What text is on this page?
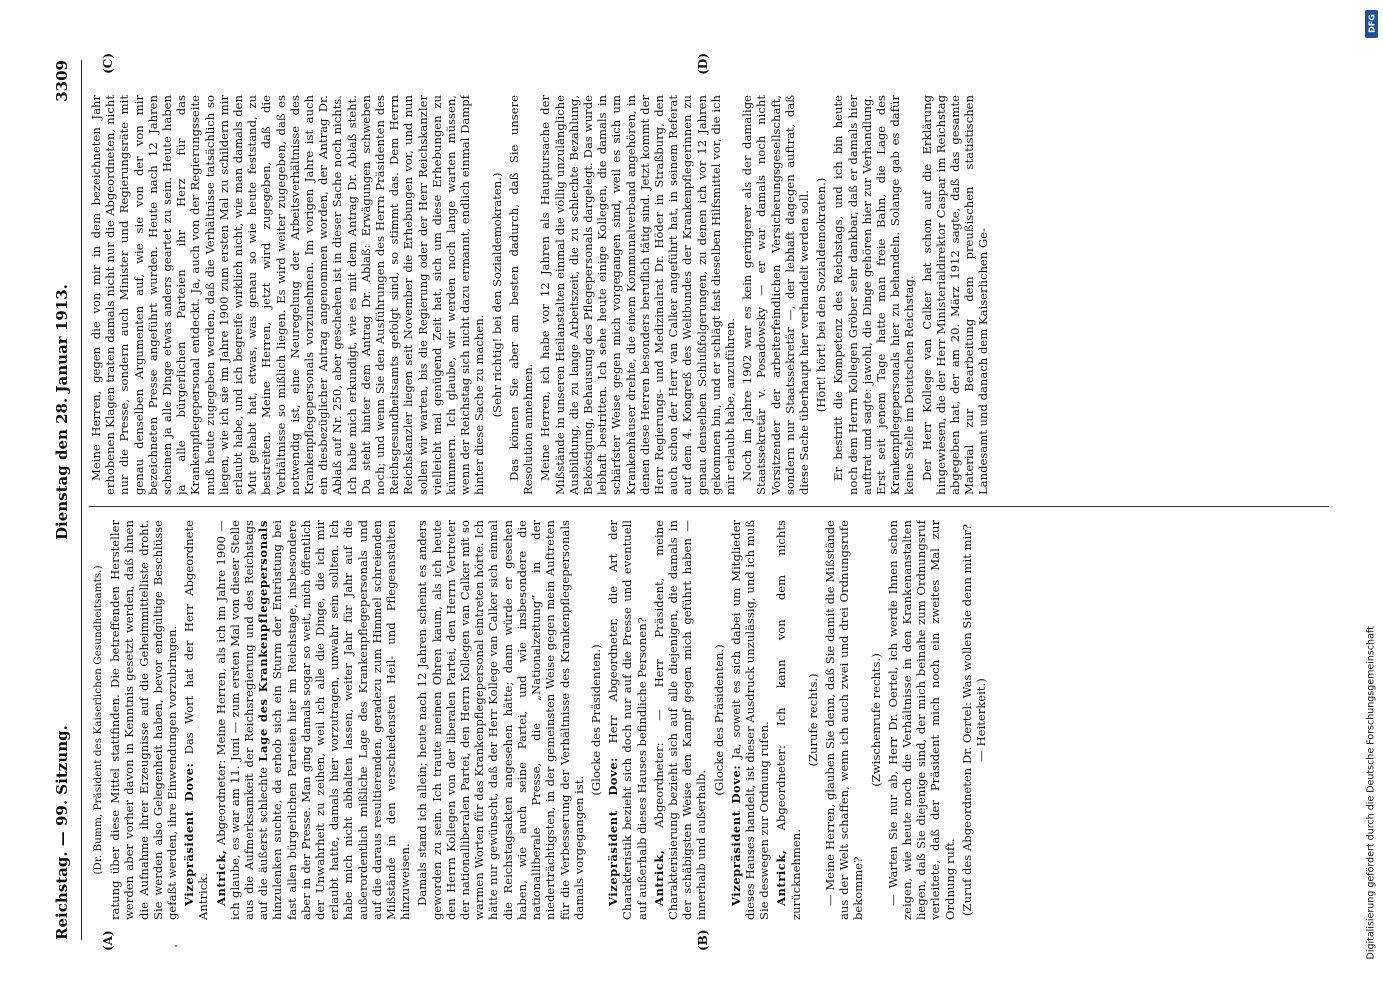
Reichstag. — 99. Sitzung.
Dienstag den 28. Januar 1913.
3309
(A)	(B)
(C)	(D)

(Dr. Bumm, Präsident des Kaiserlichen Gesundheitsamts.) ratung über diese Mittel stattfinden. Die betreffenden Hersteller werden aber vorher davon in Kenntnis gesetzt werden, daß ihnen die Aufnahme ihrer Erzeugnisse auf die Geheimmittelliste droht. Sie werden also Gelegenheit haben, bevor endgültige Beschlüsse gefaßt werden, ihre Einwendungen vorzubringen. Vizepräsident Dove: Das Wort hat der Herr Abgeordnete Antrick. Antrick, Abgeordneter: Meine Herren, als ich im Jahre 1900 — ich glaube, es war am 11. Juni — zum ersten Mal von dieser Stelle aus die Aufmerksamkeit der Reichsregierung und des Reichstags auf die äußerst schlechte Lage des Krankenpflegepersonals hinzulenken suchte, da erhob sich ein Sturm der Entrüstung bei fast allen bürgerlichen Parteien hier im Reichstage, insbesondere aber in der Presse. Man ging damals sogar so weit, mich öffentlich der Unwahrheit zu zeihen, weil ich alle die Dinge, die ich mir erlaubt hatte, damals hier vorzutragen, unwahr sein sollten. Ich habe mich nicht abhalten lassen, weiter Jahr für Jahr auf die außerordentlich mißliche Lage des Krankenpflegepersonals und auf die daraus resultierenden, geradezu zum Himmel schreienden Mißstände in den verschiedensten Heil- und Pflegeanstalten hinzuweisen. Damals stand ich allein; heute nach 12 Jahren scheint es anders geworden zu sein. Ich traute meinen Ohren kaum, als ich heute den Herrn Kollegen von der liberalen Partei, den Herrn Vertreter der nationalliberalen Partei, den Herrn Kollegen van Calker mit so warmen Worten für das Krankenpflegepersonal eintreten hörte. Ich hätte nur gewünscht, daß der Herr Kollege van Calker sich einmal die Reichstagsakten angesehen hätte; dann würde er gesehen haben, wie auch seine Partei, und wie insbesondere die nationalliberale Presse, die „Nationalzeitung“ in der niederträchtigsten, in der gemeinsten Weise gegen mein Auftreten für die Verbesserung der Verhältnisse des Krankenpflegepersonals damals vorgegangen ist.

(Glocke des Präsidenten.)

Vizepräsident Dove: Herr Abgeordneter, die Art der Charakteristik bezieht sich doch nur auf die Presse und eventuell auf außerhalb dieses Hauses befindliche Personen? Antrick, Abgeordneter: — Herr Präsident, meine Charakterisierung bezieht sich auf alle diejenigen, die damals in der schäbigsten Weise den Kampf gegen mich geführt haben — innerhalb und außerhalb.

(Glocke des Präsidenten.)

Vizepräsident Dove: Ja, soweit es sich dabei um Mitglieder dieses Hauses handelt, ist dieser Ausdruck unzulässig, und ich muß Sie deswegen zur Ordnung rufen. Antrick, Abgeordneter: Ich kann von dem nichts zurücknehmen.

(Zurufe rechts.) — Meine Herren, glauben Sie denn, daß Sie damit die Mißstände aus der Welt schaffen, wenn ich auch zwei und drei Ordnungsrufe bekomme?

(Zwischenrufe rechts.) — Warten Sie nur ab, Herr Dr. Oertel, ich werde Ihnen schon zeigen, wie heute noch die Verhältnisse in den Krankenanstalten liegen, daß Sie diejenige sind, der mich beinahe zum Ordnungsruf verleitete, daß der Präsident mich noch ein zweites Mal zur Ordnung ruft. (Zuruf des Abgeordneten Dr. Oertel: Was wollen Sie denn mit mir? — Heiterkeit.)

Meine Herren, gegen die von mir in dem bezeichneten Jahr erhobenen Klagen traten damals nicht nur die Abgeordneten, nicht nur die Presse, sondern auch Minister und Regierungsräte mit genau denselben Argumenten auf, wie sie von der von mir bezeichneten Presse angeführt wurden. Heute nach 12 Jahren scheinen ja alle Dinge etwas anders geartet zu sein. Heute haben ja alle bürgerlichen Parteien ihr Herz für das Krankenpflegepersonal entdeckt. Ja, auch von der Regierungsseite muß heute zugegeben werden, daß die Verhältnisse tatsächlich so liegen, wie ich sie im Jahre 1900 zum ersten Mal zu schildern mir erlaubt habe, und ich begreife wirklich nicht, wie man damals den Mut gehabt hat, etwas, was genau so wie heute feststand, zu bestreiten. Meine Herren, jetzt wird zugegeben, daß die Verhältnisse so mißlich liegen. Es wird weiter zugegeben, daß es notwendig ist, eine Neuregelung der Arbeitsverhältnisse des Krankenpflegepersonals vorzunehmen. Im vorigen Jahre ist auch ein diesbezüglicher Antrag angenommen worden, der Antrag Dr. Ablaß auf Nr. 250, aber geschehen ist in dieser Sache noch nichts. Ich habe mich erkundigt, wie es mit dem Antrag Dr. Ablaß steht. Da steht hinter dem Antrag Dr. Ablaß: Erwägungen schweben noch; und wenn Sie den Ausführungen des Herrn Präsidenten des Reichsgesundheitsamts gefolgt sind, so stimmt das. Dem Herrn Reichskanzler liegen seit November die Erhebungen vor, und nun sollen wir warten, bis die Regierung oder der Herr Reichskanzler vielleicht mal genügend Zeit hat, sich um diese Erhebungen zu kümmern. Ich glaube, wir werden noch lange warten müssen, wenn der Reichstag sich nicht dazu ermannt, endlich einmal Dampf hinter diese Sache zu machen. (Sehr richtig! bei den Sozialdemokraten.) Das können Sie aber am besten dadurch, daß Sie unsere Resolution annehmen. Meine Herren, ich habe vor 12 Jahren als Hauptursache der Mißstände in unseren Heilanstalten einmal die völlig unzulängliche Ausbildung, die zu lange Arbeitszeit, die zu schlechte Bezahlung, Beköstigung, Behausung des Pflegepersonals dargelegt. Das wurde lebhaft bestritten. Ich sehe heute einige Kollegen, die damals in schärfster Weise gegen mich vorgegangen sind, weil es sich um Krankenhäuser drehte, die einem Kommunalverband angehören, in denen diese Herren besonders beruflich tätig sind. Jetzt kommt der Herr Regierungs- und Medizinalrat Dr. Höder in Straßburg, den auch schon der Herr van Calker angeführt hat, in seinem Referat auf dem 4. Kongreß des Weltbundes der Krankenpflegerinnen zu genau denselben Schlußfolgerungen, zu denen ich vor 12 Jahren gekommen bin, und er schlägt fast dieselben Hilfsmittel vor, die ich mir erlaubt habe, anzuführen. Noch im Jahre 1902 war es kein geringerer als der damalige Staatssekretär v. Posadowsky — er war damals noch nicht Vorsitzender der arbeiterfeindlichen Versicherungsgesellschaft, sondern nur Staatssekretär —, der lebhaft dagegen auftrat, daß diese Sache überhaupt hier verhandelt werden soll. (Hört! hört! bei den Sozialdemokraten.) Er bestritt die Kompetenz des Reichstags, und ich bin heute noch dem Herrn Kollegen Gröber sehr dankbar, daß er damals hier auftrat und sagte: jawohl, die Dinge gehören hier zur Verhandlung. Erst seit jenem Tage hatte man freie Bahn, die Lage des Krankenpflegepersonals hier zu behandeln. Solange gab es dafür keine Stelle im Deutschen Reichstag. Der Herr Kollege van Calker hat schon auf die Erklärung hingewiesen, die der Herr Ministerialdirektor Caspar im Reichstag abgegeben hat, der am 20. März 1912 sagte, daß das gesamte Material zur Bearbeitung dem preußischen statistischen Landesamt und danach dem Kaiserlichen Ge-

DFG
Digitalisierung gefördert durch die Deutsche Forschungsgemeinschaft
